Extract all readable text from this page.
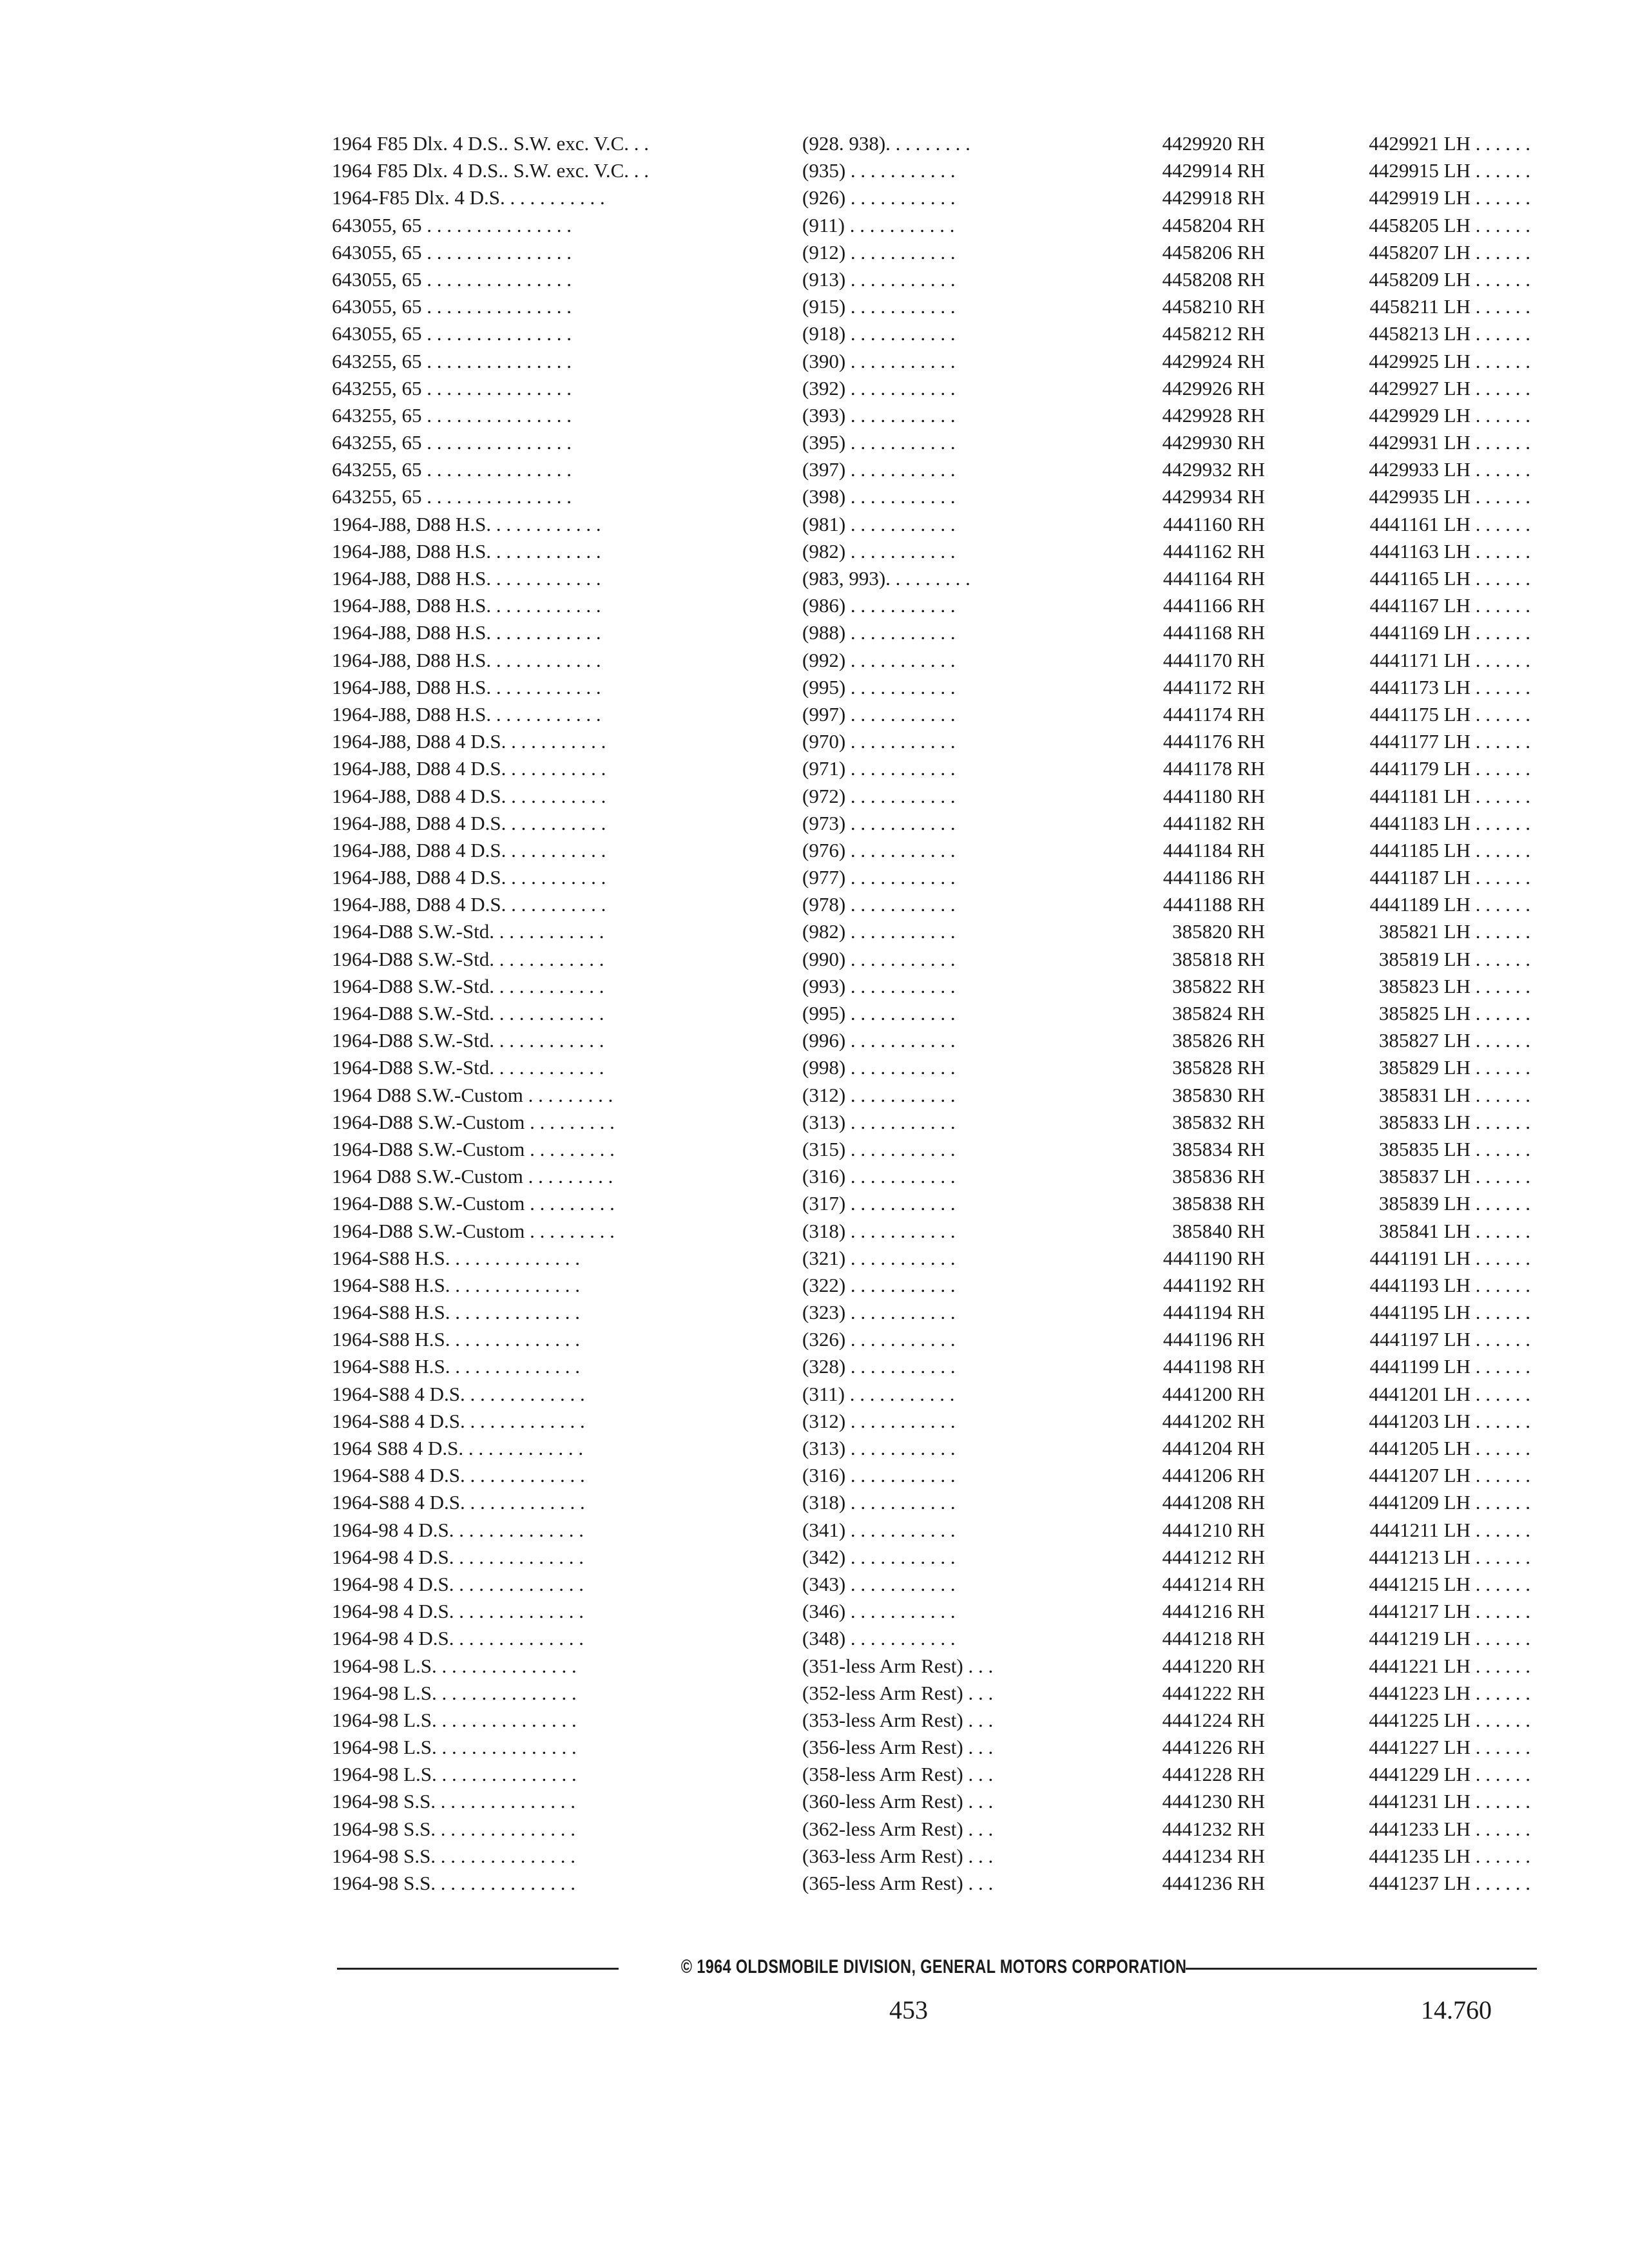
1964 F85 Dlx. 4 D.S.. S.W. exc. V.C. . .	(928. 938). . . . . . . . .	4429920 RH	4429921 LH . . . . . .
1964 F85 Dlx. 4 D.S.. S.W. exc. V.C. . .	(935) . . . . . . . . . . .	4429914 RH	4429915 LH . . . . . .
1964-F85 Dlx. 4 D.S. . . . . . . . . . .	(926) . . . . . . . . . . .	4429918 RH	4429919 LH . . . . . .
643055, 65 . . . . . . . . . . . . . . .	(911) . . . . . . . . . . .	4458204 RH	4458205 LH . . . . . .
643055, 65 . . . . . . . . . . . . . . .	(912) . . . . . . . . . . .	4458206 RH	4458207 LH . . . . . .
643055, 65 . . . . . . . . . . . . . . .	(913) . . . . . . . . . . .	4458208 RH	4458209 LH . . . . . .
643055, 65 . . . . . . . . . . . . . . .	(915) . . . . . . . . . . .	4458210 RH	4458211 LH . . . . . .
643055, 65 . . . . . . . . . . . . . . .	(918) . . . . . . . . . . .	4458212 RH	4458213 LH . . . . . .
643255, 65 . . . . . . . . . . . . . . .	(390) . . . . . . . . . . .	4429924 RH	4429925 LH . . . . . .
643255, 65 . . . . . . . . . . . . . . .	(392) . . . . . . . . . . .	4429926 RH	4429927 LH . . . . . .
643255, 65 . . . . . . . . . . . . . . .	(393) . . . . . . . . . . .	4429928 RH	4429929 LH . . . . . .
643255, 65 . . . . . . . . . . . . . . .	(395) . . . . . . . . . . .	4429930 RH	4429931 LH . . . . . .
643255, 65 . . . . . . . . . . . . . . .	(397) . . . . . . . . . . .	4429932 RH	4429933 LH . . . . . .
643255, 65 . . . . . . . . . . . . . . .	(398) . . . . . . . . . . .	4429934 RH	4429935 LH . . . . . .
1964-J88, D88 H.S. . . . . . . . . . . .	(981) . . . . . . . . . . .	4441160 RH	4441161 LH . . . . . .
1964-J88, D88 H.S. . . . . . . . . . . .	(982) . . . . . . . . . . .	4441162 RH	4441163 LH . . . . . .
1964-J88, D88 H.S. . . . . . . . . . . .	(983, 993). . . . . . . . .	4441164 RH	4441165 LH . . . . . .
1964-J88, D88 H.S. . . . . . . . . . . .	(986) . . . . . . . . . . .	4441166 RH	4441167 LH . . . . . .
1964-J88, D88 H.S. . . . . . . . . . . .	(988) . . . . . . . . . . .	4441168 RH	4441169 LH . . . . . .
1964-J88, D88 H.S. . . . . . . . . . . .	(992) . . . . . . . . . . .	4441170 RH	4441171 LH . . . . . .
1964-J88, D88 H.S. . . . . . . . . . . .	(995) . . . . . . . . . . .	4441172 RH	4441173 LH . . . . . .
1964-J88, D88 H.S. . . . . . . . . . . .	(997) . . . . . . . . . . .	4441174 RH	4441175 LH . . . . . .
1964-J88, D88 4 D.S. . . . . . . . . . .	(970) . . . . . . . . . . .	4441176 RH	4441177 LH . . . . . .
1964-J88, D88 4 D.S. . . . . . . . . . .	(971) . . . . . . . . . . .	4441178 RH	4441179 LH . . . . . .
1964-J88, D88 4 D.S. . . . . . . . . . .	(972) . . . . . . . . . . .	4441180 RH	4441181 LH . . . . . .
1964-J88, D88 4 D.S. . . . . . . . . . .	(973) . . . . . . . . . . .	4441182 RH	4441183 LH . . . . . .
1964-J88, D88 4 D.S. . . . . . . . . . .	(976) . . . . . . . . . . .	4441184 RH	4441185 LH . . . . . .
1964-J88, D88 4 D.S. . . . . . . . . . .	(977) . . . . . . . . . . .	4441186 RH	4441187 LH . . . . . .
1964-J88, D88 4 D.S. . . . . . . . . . .	(978) . . . . . . . . . . .	4441188 RH	4441189 LH . . . . . .
1964-D88 S.W.-Std. . . . . . . . . . . .	(982) . . . . . . . . . . .	385820 RH	385821 LH . . . . . .
1964-D88 S.W.-Std. . . . . . . . . . . .	(990) . . . . . . . . . . .	385818 RH	385819 LH . . . . . .
1964-D88 S.W.-Std. . . . . . . . . . . .	(993) . . . . . . . . . . .	385822 RH	385823 LH . . . . . .
1964-D88 S.W.-Std. . . . . . . . . . . .	(995) . . . . . . . . . . .	385824 RH	385825 LH . . . . . .
1964-D88 S.W.-Std. . . . . . . . . . . .	(996) . . . . . . . . . . .	385826 RH	385827 LH . . . . . .
1964-D88 S.W.-Std. . . . . . . . . . . .	(998) . . . . . . . . . . .	385828 RH	385829 LH . . . . . .
1964 D88 S.W.-Custom . . . . . . . . .	(312) . . . . . . . . . . .	385830 RH	385831 LH . . . . . .
1964-D88 S.W.-Custom . . . . . . . . .	(313) . . . . . . . . . . .	385832 RH	385833 LH . . . . . .
1964-D88 S.W.-Custom . . . . . . . . .	(315) . . . . . . . . . . .	385834 RH	385835 LH . . . . . .
1964 D88 S.W.-Custom . . . . . . . . .	(316) . . . . . . . . . . .	385836 RH	385837 LH . . . . . .
1964-D88 S.W.-Custom . . . . . . . . .	(317) . . . . . . . . . . .	385838 RH	385839 LH . . . . . .
1964-D88 S.W.-Custom . . . . . . . . .	(318) . . . . . . . . . . .	385840 RH	385841 LH . . . . . .
1964-S88 H.S. . . . . . . . . . . . . .	(321) . . . . . . . . . . .	4441190 RH	4441191 LH . . . . . .
1964-S88 H.S. . . . . . . . . . . . . .	(322) . . . . . . . . . . .	4441192 RH	4441193 LH . . . . . .
1964-S88 H.S. . . . . . . . . . . . . .	(323) . . . . . . . . . . .	4441194 RH	4441195 LH . . . . . .
1964-S88 H.S. . . . . . . . . . . . . .	(326) . . . . . . . . . . .	4441196 RH	4441197 LH . . . . . .
1964-S88 H.S. . . . . . . . . . . . . .	(328) . . . . . . . . . . .	4441198 RH	4441199 LH . . . . . .
1964-S88 4 D.S. . . . . . . . . . . . .	(311) . . . . . . . . . . .	4441200 RH	4441201 LH . . . . . .
1964-S88 4 D.S. . . . . . . . . . . . .	(312) . . . . . . . . . . .	4441202 RH	4441203 LH . . . . . .
1964 S88 4 D.S. . . . . . . . . . . . .	(313) . . . . . . . . . . .	4441204 RH	4441205 LH . . . . . .
1964-S88 4 D.S. . . . . . . . . . . . .	(316) . . . . . . . . . . .	4441206 RH	4441207 LH . . . . . .
1964-S88 4 D.S. . . . . . . . . . . . .	(318) . . . . . . . . . . .	4441208 RH	4441209 LH . . . . . .
1964-98 4 D.S. . . . . . . . . . . . . .	(341) . . . . . . . . . . .	4441210 RH	4441211 LH . . . . . .
1964-98 4 D.S. . . . . . . . . . . . . .	(342) . . . . . . . . . . .	4441212 RH	4441213 LH . . . . . .
1964-98 4 D.S. . . . . . . . . . . . . .	(343) . . . . . . . . . . .	4441214 RH	4441215 LH . . . . . .
1964-98 4 D.S. . . . . . . . . . . . . .	(346) . . . . . . . . . . .	4441216 RH	4441217 LH . . . . . .
1964-98 4 D.S. . . . . . . . . . . . . .	(348) . . . . . . . . . . .	4441218 RH	4441219 LH . . . . . .
1964-98 L.S. . . . . . . . . . . . . . .	(351-less Arm Rest) . . .	4441220 RH	4441221 LH . . . . . .
1964-98 L.S. . . . . . . . . . . . . . .	(352-less Arm Rest) . . .	4441222 RH	4441223 LH . . . . . .
1964-98 L.S. . . . . . . . . . . . . . .	(353-less Arm Rest) . . .	4441224 RH	4441225 LH . . . . . .
1964-98 L.S. . . . . . . . . . . . . . .	(356-less Arm Rest) . . .	4441226 RH	4441227 LH . . . . . .
1964-98 L.S. . . . . . . . . . . . . . .	(358-less Arm Rest) . . .	4441228 RH	4441229 LH . . . . . .
1964-98 S.S. . . . . . . . . . . . . . .	(360-less Arm Rest) . . .	4441230 RH	4441231 LH . . . . . .
1964-98 S.S. . . . . . . . . . . . . . .	(362-less Arm Rest) . . .	4441232 RH	4441233 LH . . . . . .
1964-98 S.S. . . . . . . . . . . . . . .	(363-less Arm Rest) . . .	4441234 RH	4441235 LH . . . . . .
1964-98 S.S. . . . . . . . . . . . . . .	(365-less Arm Rest) . . .	4441236 RH	4441237 LH . . . . . .
© 1964 OLDSMOBILE DIVISION, GENERAL MOTORS CORPORATION
453	14.760
